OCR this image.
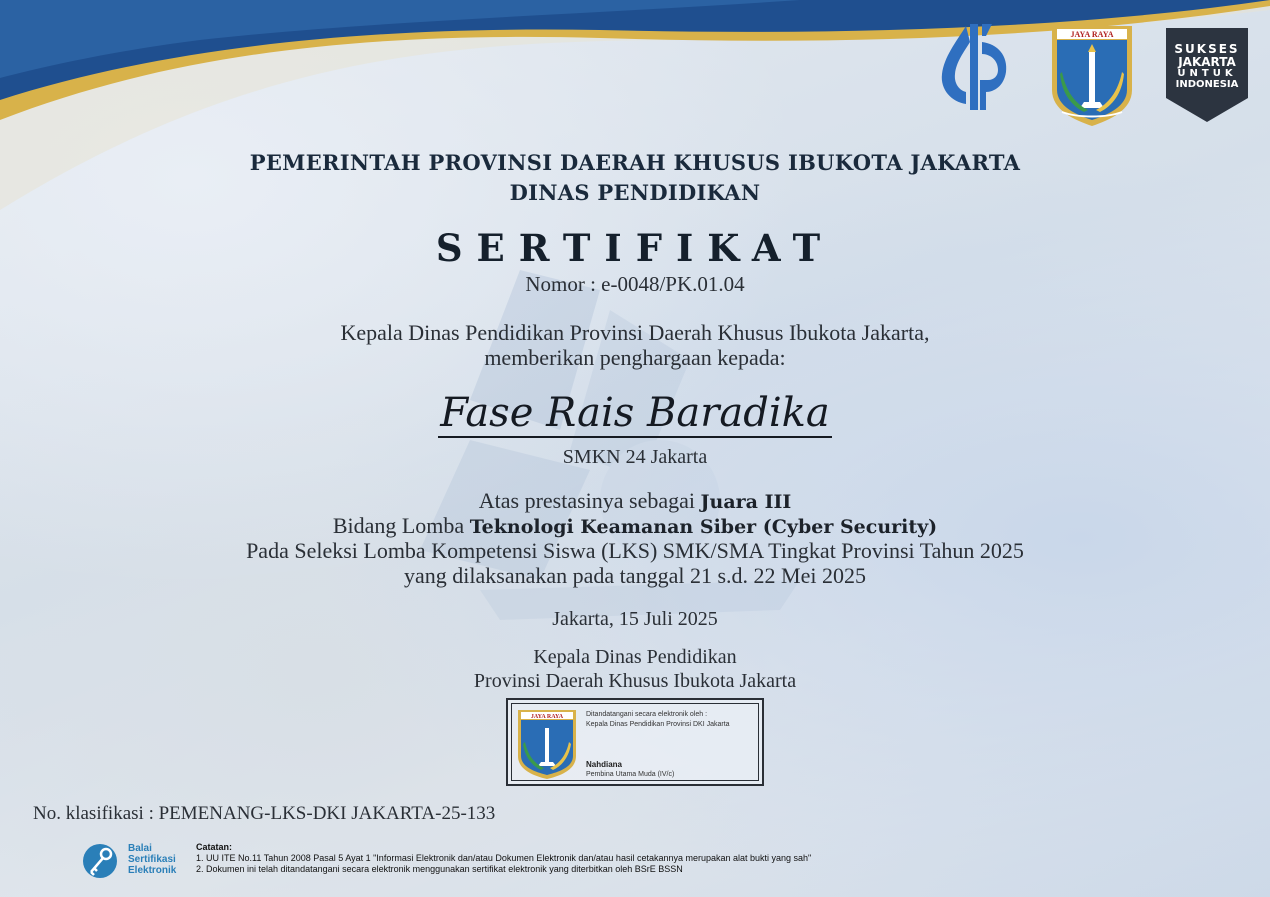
JAYA RAYA
SUKSES
JAKARTA
UNTUK
INDONESIA
PEMERINTAH PROVINSI DAERAH KHUSUS IBUKOTA JAKARTA
DINAS PENDIDIKAN
SERTIFIKAT
Nomor : e-0048/PK.01.04
Kepala Dinas Pendidikan Provinsi Daerah Khusus Ibukota Jakarta,
memberikan penghargaan kepada:
Fase Rais Baradika
SMKN 24 Jakarta
Atas prestasinya sebagai Juara III
Bidang Lomba Teknologi Keamanan Siber (Cyber Security)
Pada Seleksi Lomba Kompetensi Siswa (LKS) SMK/SMA Tingkat Provinsi Tahun 2025
yang dilaksanakan pada tanggal 21 s.d. 22 Mei 2025
Jakarta, 15 Juli 2025
Kepala Dinas Pendidikan
Provinsi Daerah Khusus Ibukota Jakarta
JAYA RAYA	Ditandatangani secara elektronik oleh :
Kepala Dinas Pendidikan Provinsi DKI Jakarta
Nahdiana
Pembina Utama Muda (IV/c)
No. klasifikasi : PEMENANG-LKS-DKI JAKARTA-25-133
Balai
Sertifikasi
Elektronik
Catatan:
1. UU ITE No.11 Tahun 2008 Pasal 5 Ayat 1 "Informasi Elektronik dan/atau Dokumen Elektronik dan/atau hasil cetakannya merupakan alat bukti yang sah"
2. Dokumen ini telah ditandatangani secara elektronik menggunakan sertifikat elektronik yang diterbitkan oleh BSrE BSSN
